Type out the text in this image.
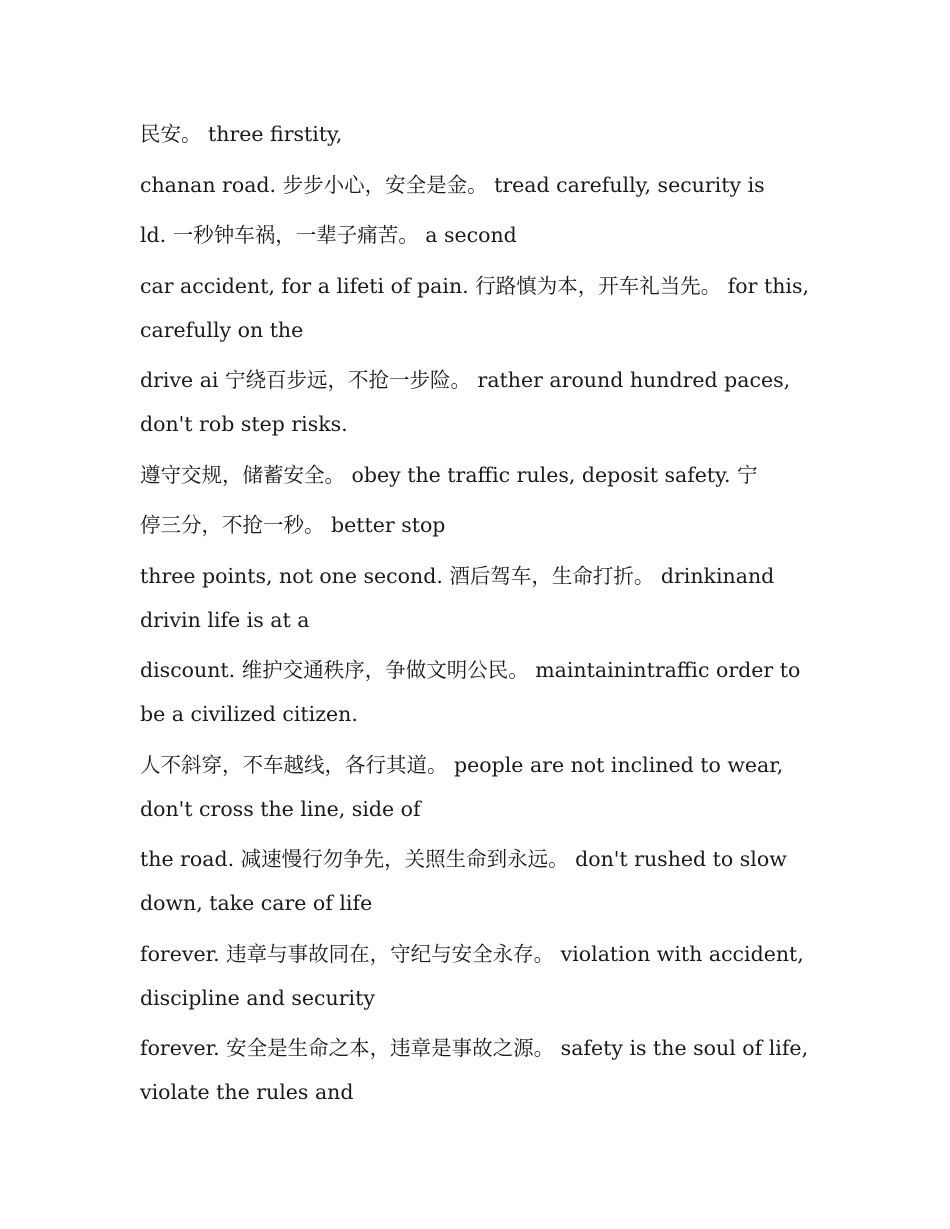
民安。 three firstity,

chanan road. 步步小心，安全是金。 tread carefully, security is

ld. 一秒钟车祸，一辈子痛苦。 a second

car accident, for a lifeti of pain. 行路慎为本，开车礼当先。 for this, carefully on the

drive ai 宁绕百步远，不抢一步险。 rather around hundred paces, don't rob step risks.

遵守交规，储蓄安全。 obey the traffic rules, deposit safety. 宁

停三分，不抢一秒。 better stop

three points, not one second. 酒后驾车，生命打折。 drinkinand drivin life is at a

discount. 维护交通秩序，争做文明公民。 maintainintraffic order to be a civilized citizen.

人不斜穿，不车越线，各行其道。 people are not inclined to wear, don't cross the line, side of

the road. 减速慢行勿争先，关照生命到永远。 don't rushed to slow down, take care of life

forever. 违章与事故同在，守纪与安全永存。 violation with accident, discipline and security

forever. 安全是生命之本，违章是事故之源。 safety is the soul of life, violate the rules and
